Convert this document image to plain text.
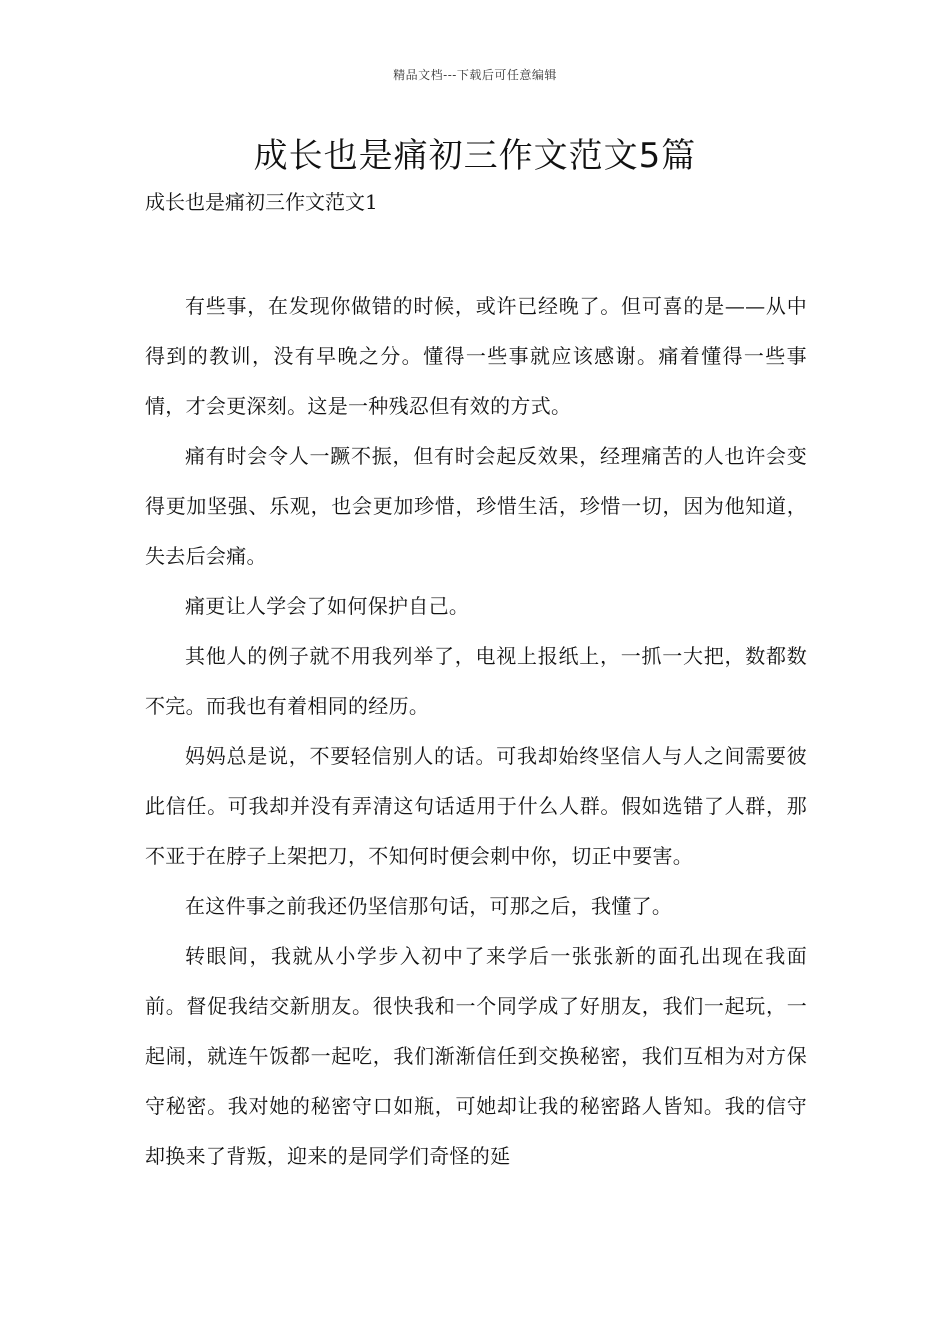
精品文档---下载后可任意编辑
成长也是痛初三作文范文5篇

成长也是痛初三作文范文1

有些事，在发现你做错的时候，或许已经晚了。但可喜的是——从中得到的教训，没有早晚之分。懂得一些事就应该感谢。痛着懂得一些事情，才会更深刻。这是一种残忍但有效的方式。

痛有时会令人一蹶不振，但有时会起反效果，经理痛苦的人也许会变得更加坚强、乐观，也会更加珍惜，珍惜生活，珍惜一切，因为他知道，失去后会痛。

痛更让人学会了如何保护自己。

其他人的例子就不用我列举了，电视上报纸上，一抓一大把，数都数不完。而我也有着相同的经历。

妈妈总是说，不要轻信别人的话。可我却始终坚信人与人之间需要彼此信任。可我却并没有弄清这句话适用于什么人群。假如选错了人群，那不亚于在脖子上架把刀，不知何时便会刺中你，切正中要害。

在这件事之前我还仍坚信那句话，可那之后，我懂了。

转眼间，我就从小学步入初中了来学后一张张新的面孔出现在我面前。督促我结交新朋友。很快我和一个同学成了好朋友，我们一起玩，一起闹，就连午饭都一起吃，我们渐渐信任到交换秘密，我们互相为对方保守秘密。我对她的秘密守口如瓶，可她却让我的秘密路人皆知。我的信守却换来了背叛，迎来的是同学们奇怪的延
